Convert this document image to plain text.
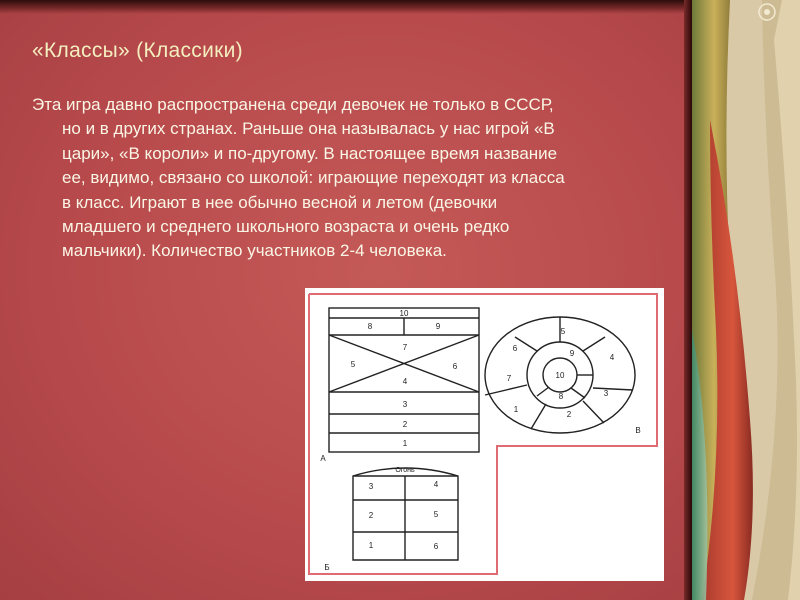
«Классы» (Классики)
Эта игра давно распространена среди девочек не только в СССР,
но и в других странах. Раньше она называлась у нас игрой «В
цари», «В короли» и по-другому. В настоящее время название
ее, видимо, связано со школой: играющие переходят из класса
в класс. Играют в нее обычно весной и летом (девочки
младшего и среднего школьного возраста и очень редко
мальчики). Количество участников 2-4 человека.
10
8	9
7
5	6
4
3
2
1
А
5
4
3
2
1
7
6
9
8
10
В
Огонь
3	4
2	5
1	6
Б
